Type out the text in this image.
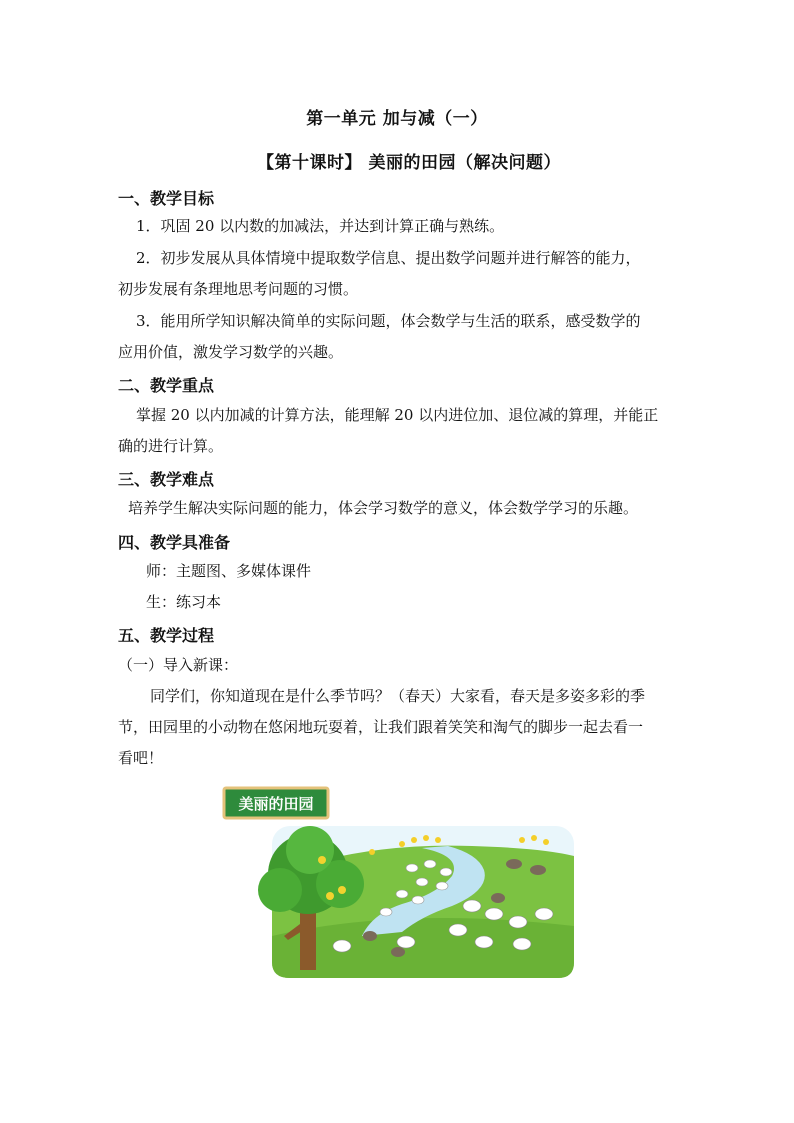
第一单元 加与减（一）
【第十课时】 美丽的田园（解决问题）
一、教学目标
1．巩固 20 以内数的加减法，并达到计算正确与熟练。
2．初步发展从具体情境中提取数学信息、提出数学问题并进行解答的能力，
初步发展有条理地思考问题的习惯。
3．能用所学知识解决简单的实际问题，体会数学与生活的联系，感受数学的
应用价值，激发学习数学的兴趣。
二、教学重点
掌握 20 以内加减的计算方法，能理解 20 以内进位加、退位减的算理，并能正
确的进行计算。
三、教学难点
培养学生解决实际问题的能力，体会学习数学的意义，体会数学学习的乐趣。
四、教学具准备
师：主题图、多媒体课件
生：练习本
五、教学过程
（一）导入新课：
同学们，你知道现在是什么季节吗？（春天）大家看，春天是多姿多彩的季
节，田园里的小动物在悠闲地玩耍着，让我们跟着笑笑和淘气的脚步一起去看一
看吧！
美丽的田园
